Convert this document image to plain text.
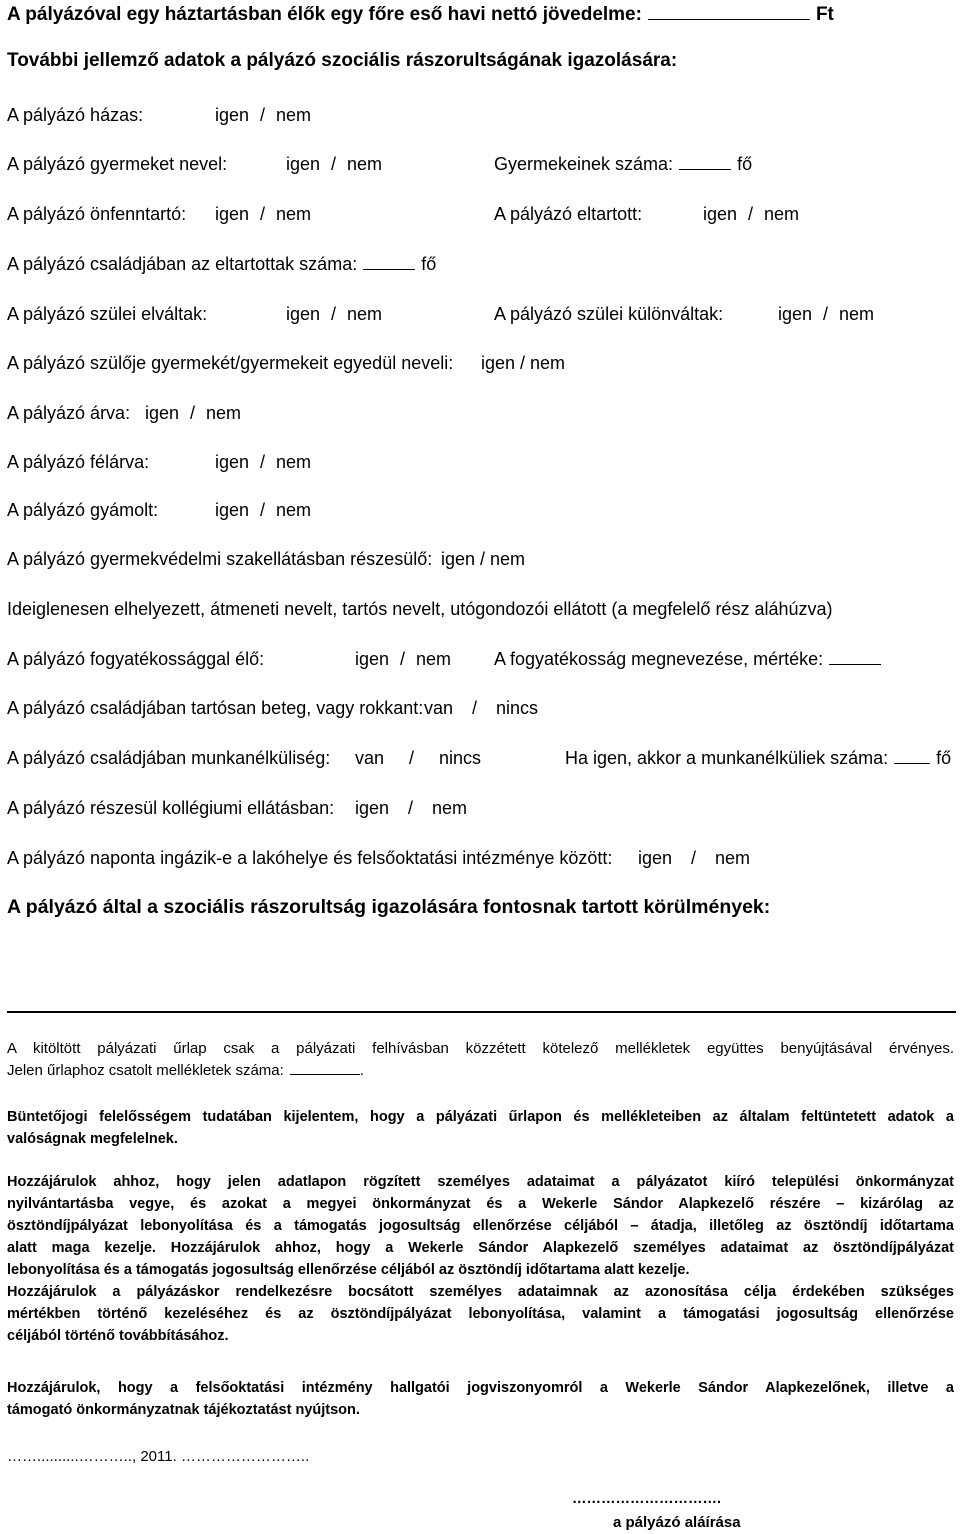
A pályázóval egy háztartásban élők egy főre eső havi nettó jövedelme:	Ft
További jellemző adatok a pályázó szociális rászorultságának igazolására:
A pályázó házas:	igen / nem
A pályázó gyermeket nevel:	igen / nem	Gyermekeinek száma:	fő
A pályázó önfenntartó: igen / nem	A pályázó eltartott:	igen / nem
A pályázó családjában az eltartottak száma:	fő
A pályázó szülei elváltak:	igen / nem	A pályázó szülei különváltak:	igen / nem
A pályázó szülője gyermekét/gyermekeit egyedül neveli: igen / nem
A pályázó árva: igen / nem
A pályázó félárva:	igen / nem
A pályázó gyámolt:	igen / nem
A pályázó gyermekvédelmi szakellátásban részesülő: igen / nem
Ideiglenesen elhelyezett, átmeneti nevelt, tartós nevelt, utógondozói ellátott (a megfelelő rész aláhúzva)
A pályázó fogyatékossággal élő:	igen / nem A fogyatékosság megnevezése, mértéke:
A pályázó családjában tartósan beteg, vagy rokkant: van / nincs
A pályázó családjában munkanélküliség: van / nincs	Ha igen, akkor a munkanélküliek száma:	fő
A pályázó részesül kollégiumi ellátásban: igen / nem
A pályázó naponta ingázik-e a lakóhelye és felsőoktatási intézménye között: igen / nem
A pályázó által a szociális rászorultság igazolására fontosnak tartott körülmények:
A kitöltött pályázati űrlap csak a pályázati felhívásban közzétett kötelező mellékletek együttes benyújtásával érvényes.
Jelen űrlaphoz csatolt mellékletek száma:	.
Büntetőjogi felelősségem tudatában kijelentem, hogy a pályázati űrlapon és mellékleteiben az általam feltüntetett adatok a
valóságnak megfelelnek.
Hozzájárulok ahhoz, hogy jelen adatlapon rögzített személyes adataimat a pályázatot kiíró települési önkormányzat
nyilvántartásba vegye, és azokat a megyei önkormányzat és a Wekerle Sándor Alapkezelő részére – kizárólag az
ösztöndíjpályázat lebonyolítása és a támogatás jogosultság ellenőrzése céljából – átadja, illetőleg az ösztöndíj időtartama
alatt maga kezelje. Hozzájárulok ahhoz, hogy a Wekerle Sándor Alapkezelő személyes adataimat az ösztöndíjpályázat
lebonyolítása és a támogatás jogosultság ellenőrzése céljából az ösztöndíj időtartama alatt kezelje.
Hozzájárulok a pályázáskor rendelkezésre bocsátott személyes adataimnak az azonosítása célja érdekében szükséges
mértékben történő kezeléséhez és az ösztöndíjpályázat lebonyolítása, valamint a támogatási jogosultság ellenőrzése
céljából történő továbbításához.
Hozzájárulok, hogy a felsőoktatási intézmény hallgatói jogviszonyomról a Wekerle Sándor Alapkezelőnek, illetve a
támogató önkormányzatnak tájékoztatást nyújtson.
……..........……….., 2011. ……………………..
………………………….
a pályázó aláírása
